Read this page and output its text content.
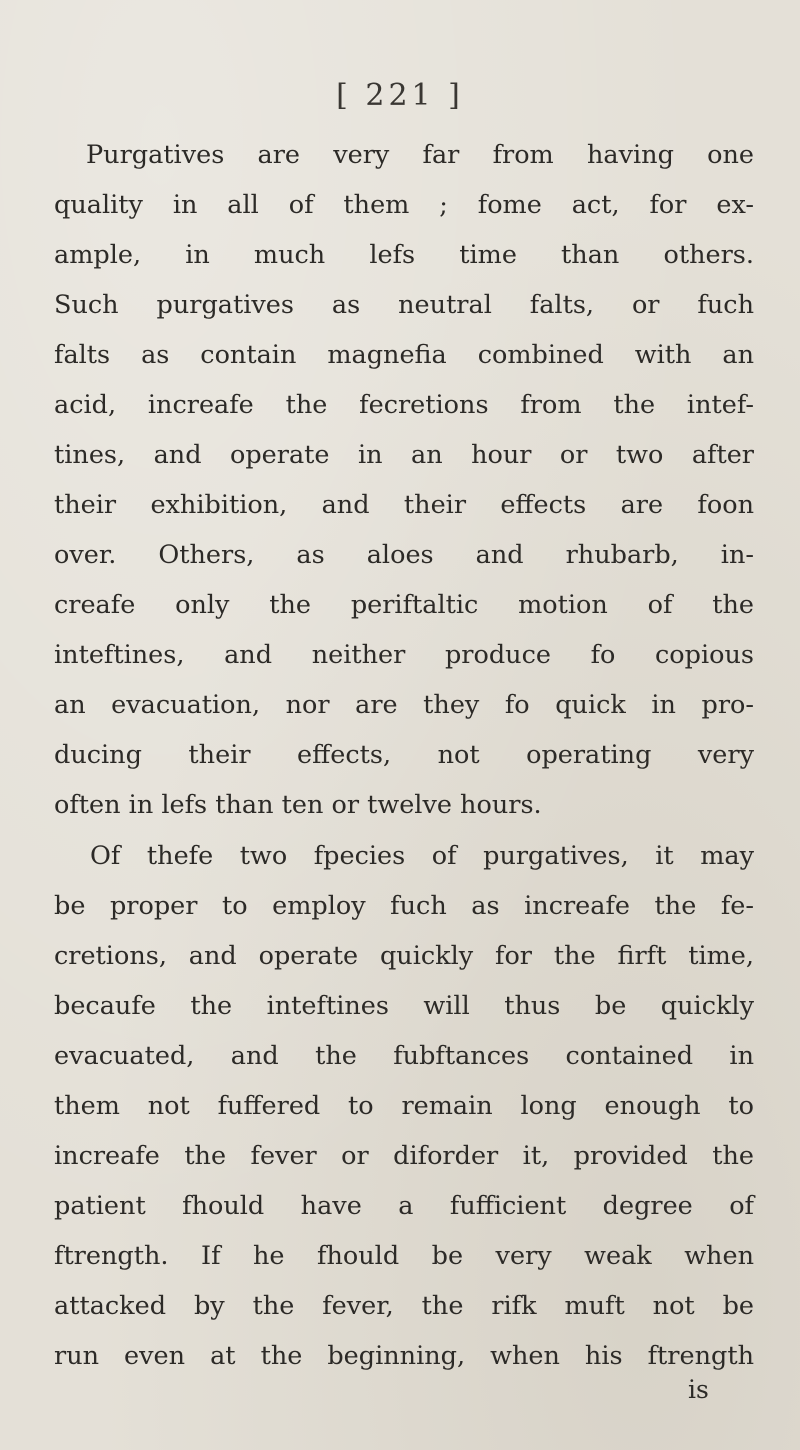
[ 221 ]
Purgatives are very far from having one
quality in all of them ; fome act, for ex-
ample, in much lefs time than others.
Such purgatives as neutral falts, or fuch
falts as contain magnefia combined with an
acid, increafe the fecretions from the intef-
tines, and operate in an hour or two after
their exhibition, and their effects are foon
over. Others, as aloes and rhubarb, in-
creafe only the periftaltic motion of the
inteftines, and neither produce fo copious
an evacuation, nor are they fo quick in pro-
ducing their effects, not operating very
often in lefs than ten or twelve hours.
Of thefe two fpecies of purgatives, it may
be proper to employ fuch as increafe the fe-
cretions, and operate quickly for the firft time,
becaufe the inteftines will thus be quickly
evacuated, and the fubftances contained in
them not fuffered to remain long enough to
increafe the fever or diforder it, provided the
patient fhould have a fufficient degree of
ftrength. If he fhould be very weak when
attacked by the fever, the rifk muft not be
run even at the beginning, when his ftrength
is
